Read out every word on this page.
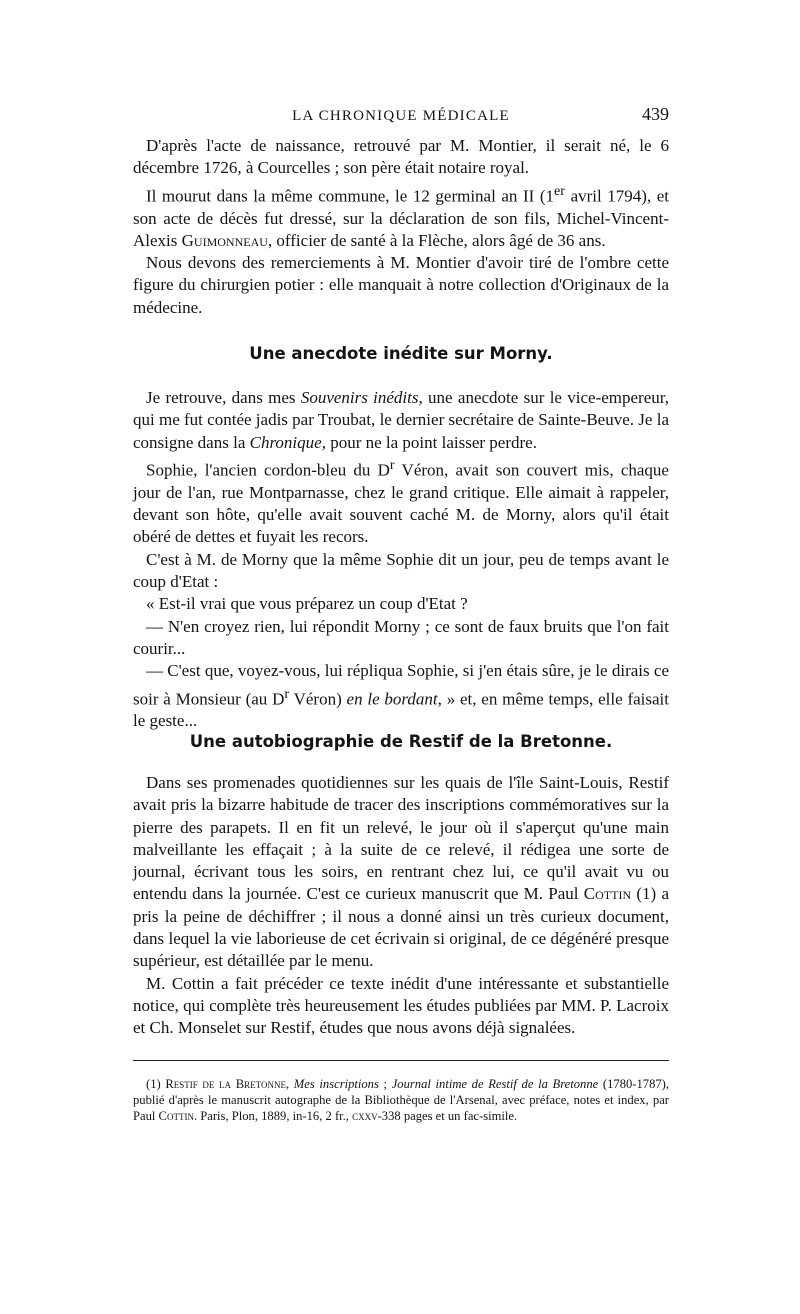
LA CHRONIQUE MÉDICALE	439

D'après l'acte de naissance, retrouvé par M. Montier, il serait né, le 6 décembre 1726, à Courcelles ; son père était notaire royal.

Il mourut dans la même commune, le 12 germinal an II (1er avril 1794), et son acte de décès fut dressé, sur la déclaration de son fils, Michel-Vincent-Alexis Guimonneau, officier de santé à la Flèche, alors âgé de 36 ans.

Nous devons des remerciements à M. Montier d'avoir tiré de l'ombre cette figure du chirurgien potier : elle manquait à notre collection d'Originaux de la médecine.

Une anecdote inédite sur Morny.

Je retrouve, dans mes Souvenirs inédits, une anecdote sur le vice-empereur, qui me fut contée jadis par Troubat, le dernier secrétaire de Sainte-Beuve. Je la consigne dans la Chronique, pour ne la point laisser perdre.

Sophie, l'ancien cordon-bleu du $D^r$ Véron, avait son couvert mis, chaque jour de l'an, rue Montparnasse, chez le grand critique. Elle aimait à rappeler, devant son hôte, qu'elle avait souvent caché M. de Morny, alors qu'il était obéré de dettes et fuyait les recors.

C'est à M. de Morny que la même Sophie dit un jour, peu de temps avant le coup d'Etat :

« Est-il vrai que vous préparez un coup d'Etat ?

— N'en croyez rien, lui répondit Morny ; ce sont de faux bruits que l'on fait courir...

— C'est que, voyez-vous, lui répliqua Sophie, si j'en étais sûre, je le dirais ce soir à Monsieur (au $D^r$ Véron) en le bordant, » et, en même temps, elle faisait le geste...

Une autobiographie de Restif de la Bretonne.

Dans ses promenades quotidiennes sur les quais de l'île Saint-Louis, Restif avait pris la bizarre habitude de tracer des inscriptions commémoratives sur la pierre des parapets. Il en fit un relevé, le jour où il s'aperçut qu'une main malveillante les effaçait ; à la suite de ce relevé, il rédigea une sorte de journal, écrivant tous les soirs, en rentrant chez lui, ce qu'il avait vu ou entendu dans la journée. C'est ce curieux manuscrit que M. Paul Cottin (1) a pris la peine de déchiffrer ; il nous a donné ainsi un très curieux document, dans lequel la vie laborieuse de cet écrivain si original, de ce dégénéré presque supérieur, est détaillée par le menu.

M. Cottin a fait précéder ce texte inédit d'une intéressante et substantielle notice, qui complète très heureusement les études publiées par MM. P. Lacroix et Ch. Monselet sur Restif, études que nous avons déjà signalées.

(1) Restif de la Bretonne, Mes inscriptions ; Journal intime de Restif de la Bretonne (1780-1787), publié d'après le manuscrit autographe de la Bibliothèque de l'Arsenal, avec préface, notes et index, par Paul Cottin. Paris, Plon, 1889, in-16, 2 fr., cxxv-338 pages et un fac-simile.
